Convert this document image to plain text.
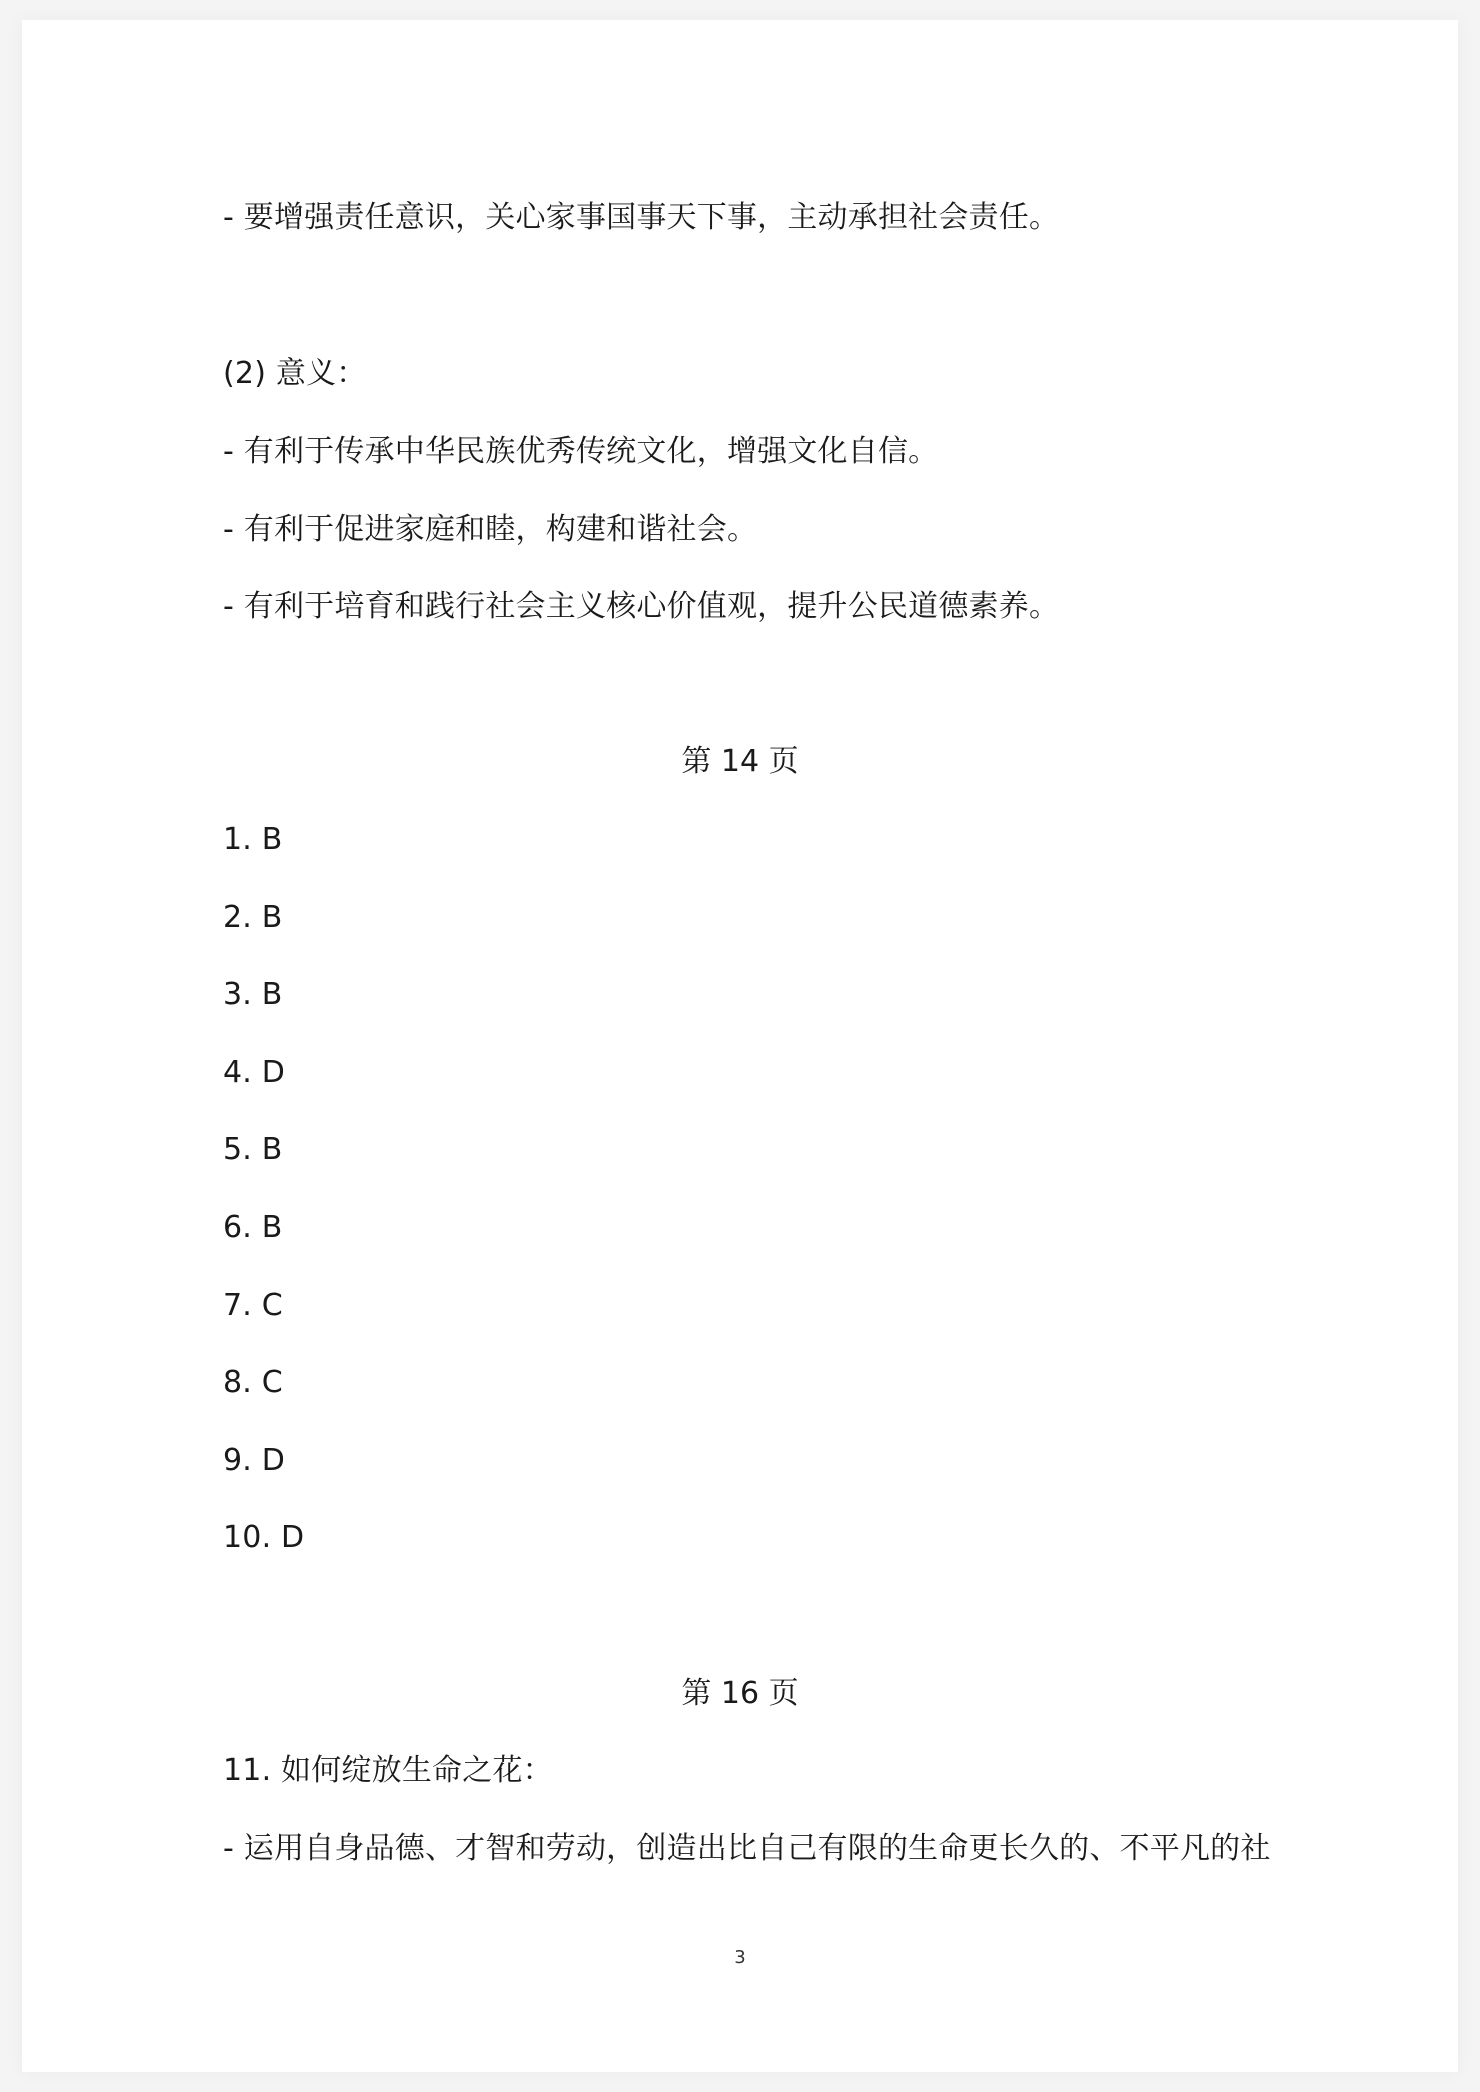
- 要增强责任意识，关心家事国事天下事，主动承担社会责任。
(2) 意义：
- 有利于传承中华民族优秀传统文化，增强文化自信。
- 有利于促进家庭和睦，构建和谐社会。
- 有利于培育和践行社会主义核心价值观，提升公民道德素养。
第 14 页
1. B
2. B
3. B
4. D
5. B
6. B
7. C
8. C
9. D
10. D
第 16 页
11. 如何绽放生命之花：
- 运用自身品德、才智和劳动，创造出比自己有限的生命更长久的、不平凡的社
3
